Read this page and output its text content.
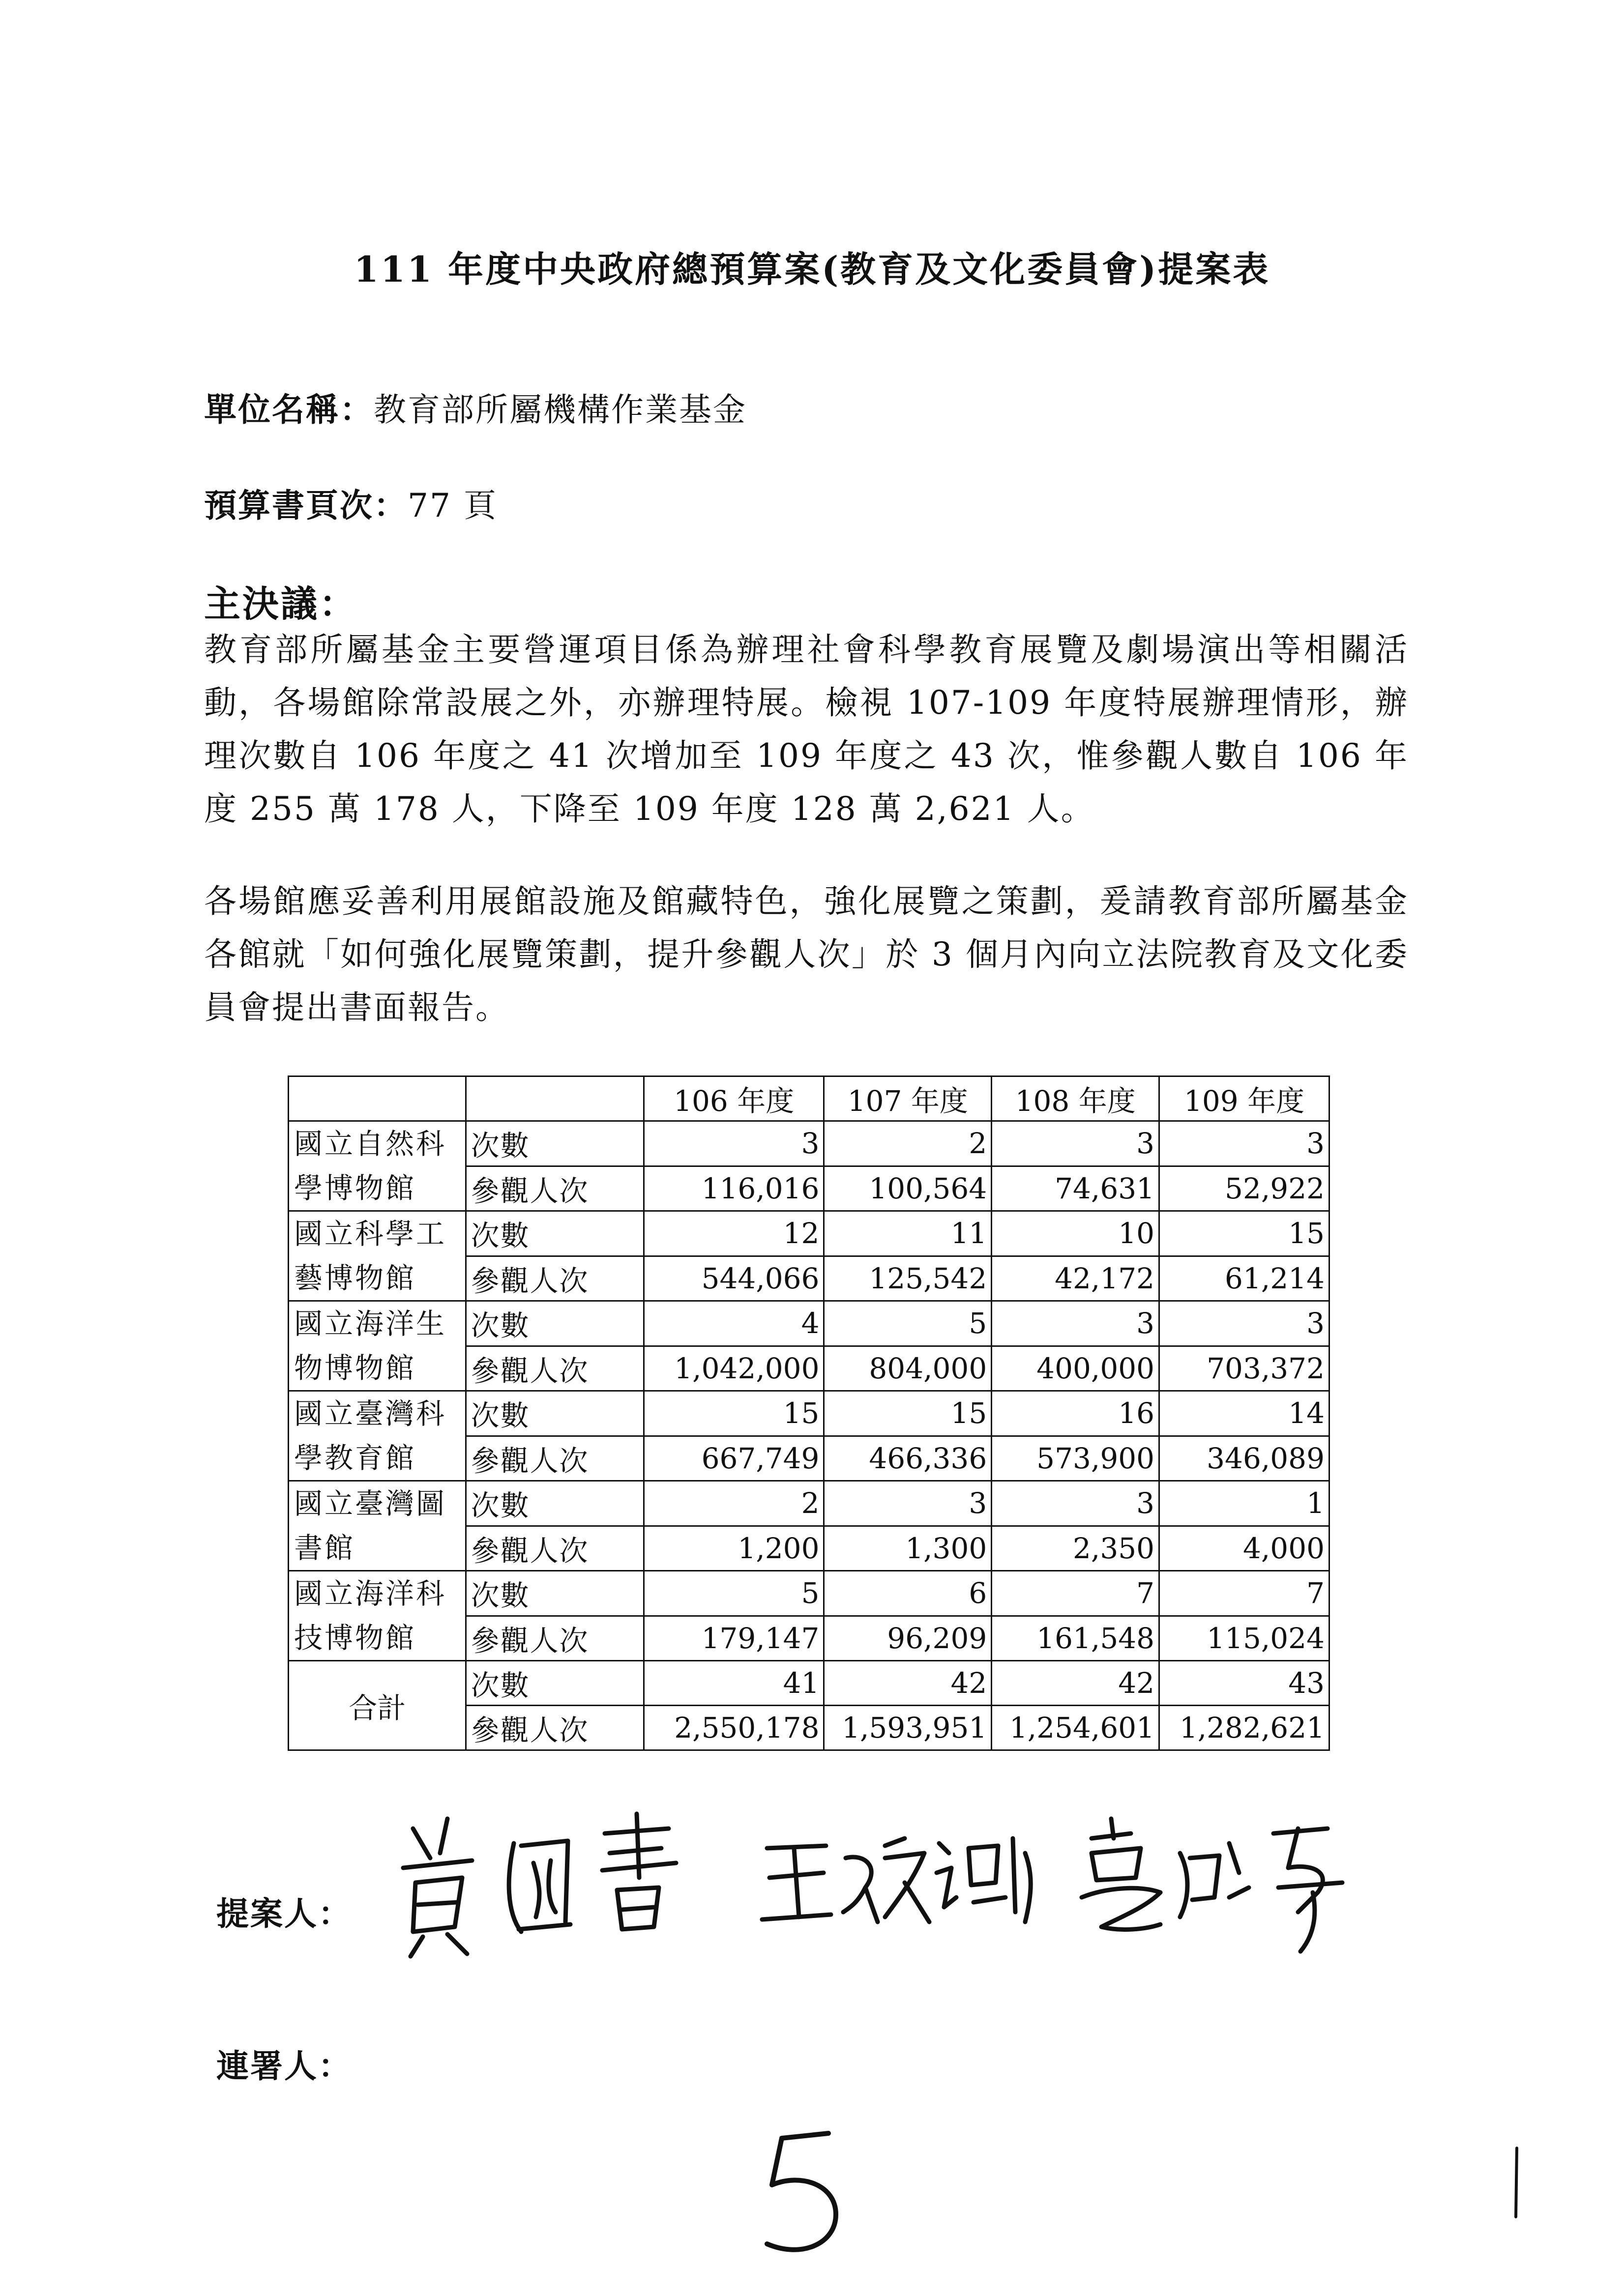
111 年度中央政府總預算案(教育及文化委員會)提案表
單位名稱：教育部所屬機構作業基金
預算書頁次：77 頁
主決議：
教育部所屬基金主要營運項目係為辦理社會科學教育展覽及劇場演出等相關活動，各場館除常設展之外，亦辦理特展。檢視 107-109 年度特展辦理情形，辦理次數自 106 年度之 41 次增加至 109 年度之 43 次，惟參觀人數自 106 年度 255 萬 178 人，下降至 109 年度 128 萬 2,621 人。
各場館應妥善利用展館設施及館藏特色，強化展覽之策劃，爰請教育部所屬基金各館就「如何強化展覽策劃，提升參觀人次」於 3 個月內向立法院教育及文化委員會提出書面報告。
		106 年度	107 年度	108 年度	109 年度
國立自然科學博物館	次數	3	2	3	3
	參觀人次	116,016	100,564	74,631	52,922
國立科學工藝博物館	次數	12	11	10	15
	參觀人次	544,066	125,542	42,172	61,214
國立海洋生物博物館	次數	4	5	3	3
	參觀人次	1,042,000	804,000	400,000	703,372
國立臺灣科學教育館	次數	15	15	16	14
	參觀人次	667,749	466,336	573,900	346,089
國立臺灣圖書館	次數	2	3	3	1
	參觀人次	1,200	1,300	2,350	4,000
國立海洋科技博物館	次數	5	6	7	7
	參觀人次	179,147	96,209	161,548	115,024
合計	次數	41	42	42	43
	參觀人次	2,550,178	1,593,951	1,254,601	1,282,621
提案人：
連署人：
